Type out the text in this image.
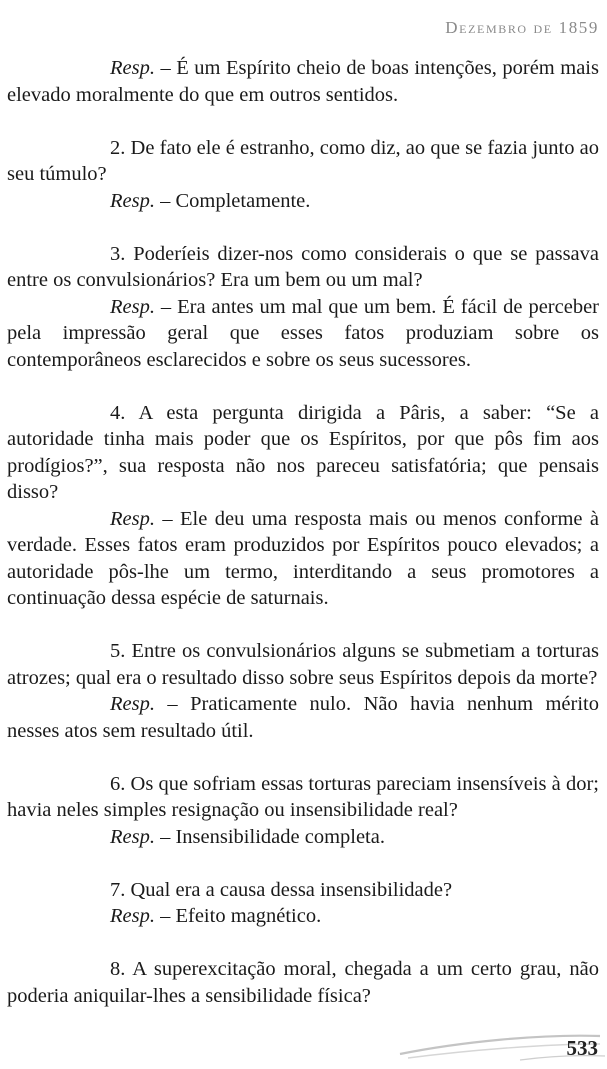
Dezembro de 1859

Resp. – É um Espírito cheio de boas intenções, porém mais elevado moralmente do que em outros sentidos.

2. De fato ele é estranho, como diz, ao que se fazia junto ao seu túmulo?

Resp. – Completamente.

3. Poderíeis dizer-nos como considerais o que se passava entre os convulsionários? Era um bem ou um mal?

Resp. – Era antes um mal que um bem. É fácil de perceber pela impressão geral que esses fatos produziam sobre os contemporâneos esclarecidos e sobre os seus sucessores.

4. A esta pergunta dirigida a Pâris, a saber: “Se a autoridade tinha mais poder que os Espíritos, por que pôs fim aos prodígios?”, sua resposta não nos pareceu satisfatória; que pensais disso?

Resp. – Ele deu uma resposta mais ou menos conforme à verdade. Esses fatos eram produzidos por Espíritos pouco elevados; a autoridade pôs-lhe um termo, interditando a seus promotores a continuação dessa espécie de saturnais.

5. Entre os convulsionários alguns se submetiam a torturas atrozes; qual era o resultado disso sobre seus Espíritos depois da morte?

Resp. – Praticamente nulo. Não havia nenhum mérito nesses atos sem resultado útil.

6. Os que sofriam essas torturas pareciam insensíveis à dor; havia neles simples resignação ou insensibilidade real?

Resp. – Insensibilidade completa.

7. Qual era a causa dessa insensibilidade?

Resp. – Efeito magnético.

8. A superexcitação moral, chegada a um certo grau, não poderia aniquilar-lhes a sensibilidade física?

533
